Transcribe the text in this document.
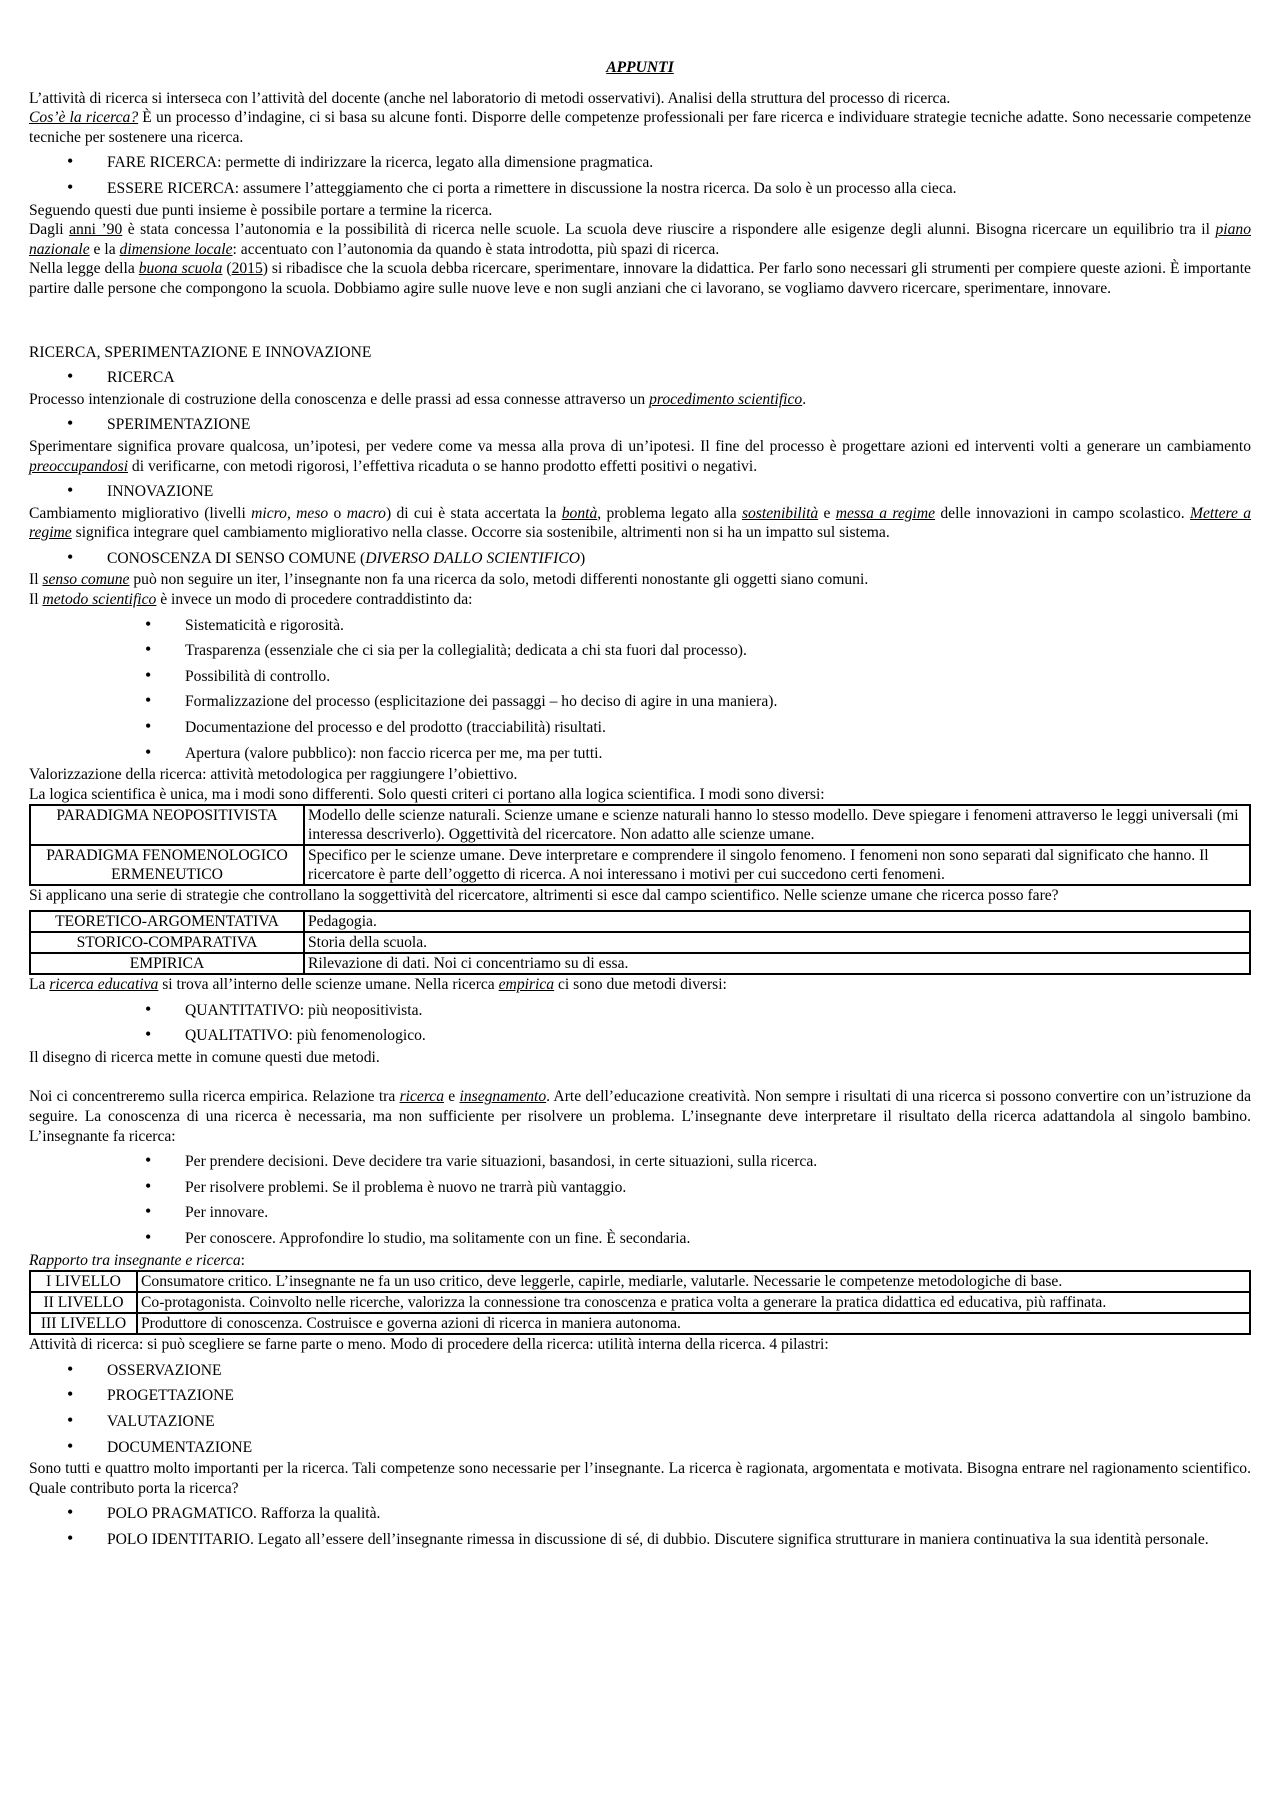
APPUNTI

L’attività di ricerca si interseca con l’attività del docente (anche nel laboratorio di metodi osservativi). Analisi della struttura del processo di ricerca.

Cos’è la ricerca? È un processo d’indagine, ci si basa su alcune fonti. Disporre delle competenze professionali per fare ricerca e individuare strategie tecniche adatte. Sono necessarie competenze tecniche per sostenere una ricerca.

• FARE RICERCA: permette di indirizzare la ricerca, legato alla dimensione pragmatica.
• ESSERE RICERCA: assumere l’atteggiamento che ci porta a rimettere in discussione la nostra ricerca. Da solo è un processo alla cieca.

Seguendo questi due punti insieme è possibile portare a termine la ricerca.

Dagli anni ’90 è stata concessa l’autonomia e la possibilità di ricerca nelle scuole. La scuola deve riuscire a rispondere alle esigenze degli alunni. Bisogna ricercare un equilibrio tra il piano nazionale e la dimensione locale: accentuato con l’autonomia da quando è stata introdotta, più spazi di ricerca.

Nella legge della buona scuola (2015) si ribadisce che la scuola debba ricercare, sperimentare, innovare la didattica. Per farlo sono necessari gli strumenti per compiere queste azioni. È importante partire dalle persone che compongono la scuola. Dobbiamo agire sulle nuove leve e non sugli anziani che ci lavorano, se vogliamo davvero ricercare, sperimentare, innovare.

RICERCA, SPERIMENTAZIONE E INNOVAZIONE

• RICERCA

Processo intenzionale di costruzione della conoscenza e delle prassi ad essa connesse attraverso un procedimento scientifico.

• SPERIMENTAZIONE

Sperimentare significa provare qualcosa, un’ipotesi, per vedere come va messa alla prova di un’ipotesi. Il fine del processo è progettare azioni ed interventi volti a generare un cambiamento preoccupandosi di verificarne, con metodi rigorosi, l’effettiva ricaduta o se hanno prodotto effetti positivi o negativi.

• INNOVAZIONE

Cambiamento migliorativo (livelli micro, meso o macro) di cui è stata accertata la bontà, problema legato alla sostenibilità e messa a regime delle innovazioni in campo scolastico. Mettere a regime significa integrare quel cambiamento migliorativo nella classe. Occorre sia sostenibile, altrimenti non si ha un impatto sul sistema.

• CONOSCENZA DI SENSO COMUNE (DIVERSO DALLO SCIENTIFICO)

Il senso comune può non seguire un iter, l’insegnante non fa una ricerca da solo, metodi differenti nonostante gli oggetti siano comuni.

Il metodo scientifico è invece un modo di procedere contraddistinto da:

• Sistematicità e rigorosità.
• Trasparenza (essenziale che ci sia per la collegialità; dedicata a chi sta fuori dal processo).
• Possibilità di controllo.
• Formalizzazione del processo (esplicitazione dei passaggi – ho deciso di agire in una maniera).
• Documentazione del processo e del prodotto (tracciabilità) risultati.
• Apertura (valore pubblico): non faccio ricerca per me, ma per tutti.

Valorizzazione della ricerca: attività metodologica per raggiungere l’obiettivo.

La logica scientifica è unica, ma i modi sono differenti. Solo questi criteri ci portano alla logica scientifica. I modi sono diversi:

PARADIGMA NEOPOSITIVISTA	Modello delle scienze naturali. Scienze umane e scienze naturali hanno lo stesso modello. Deve spiegare i fenomeni attraverso le leggi universali (mi interessa descriverlo). Oggettività del ricercatore. Non adatto alle scienze umane.
PARADIGMA FENOMENOLOGICO ERMENEUTICO	Specifico per le scienze umane. Deve interpretare e comprendere il singolo fenomeno. I fenomeni non sono separati dal significato che hanno. Il ricercatore è parte dell’oggetto di ricerca. A noi interessano i motivi per cui succedono certi fenomeni.

Si applicano una serie di strategie che controllano la soggettività del ricercatore, altrimenti si esce dal campo scientifico. Nelle scienze umane che ricerca posso fare?

TEORETICO-ARGOMENTATIVA	Pedagogia.
STORICO-COMPARATIVA	Storia della scuola.
EMPIRICA	Rilevazione di dati. Noi ci concentriamo su di essa.

La ricerca educativa si trova all’interno delle scienze umane. Nella ricerca empirica ci sono due metodi diversi:

• QUANTITATIVO: più neopositivista.
• QUALITATIVO: più fenomenologico.

Il disegno di ricerca mette in comune questi due metodi.

Noi ci concentreremo sulla ricerca empirica. Relazione tra ricerca e insegnamento. Arte dell’educazione creatività. Non sempre i risultati di una ricerca si possono convertire con un’istruzione da seguire. La conoscenza di una ricerca è necessaria, ma non sufficiente per risolvere un problema. L’insegnante deve interpretare il risultato della ricerca adattandola al singolo bambino. L’insegnante fa ricerca:

• Per prendere decisioni. Deve decidere tra varie situazioni, basandosi, in certe situazioni, sulla ricerca.
• Per risolvere problemi. Se il problema è nuovo ne trarrà più vantaggio.
• Per innovare.
• Per conoscere. Approfondire lo studio, ma solitamente con un fine. È secondaria.

Rapporto tra insegnante e ricerca:

I LIVELLO	Consumatore critico. L’insegnante ne fa un uso critico, deve leggerle, capirle, mediarle, valutarle. Necessarie le competenze metodologiche di base.
II LIVELLO	Co-protagonista. Coinvolto nelle ricerche, valorizza la connessione tra conoscenza e pratica volta a generare la pratica didattica ed educativa, più raffinata.
III LIVELLO	Produttore di conoscenza. Costruisce e governa azioni di ricerca in maniera autonoma.

Attività di ricerca: si può scegliere se farne parte o meno. Modo di procedere della ricerca: utilità interna della ricerca. 4 pilastri:

• OSSERVAZIONE
• PROGETTAZIONE
• VALUTAZIONE
• DOCUMENTAZIONE

Sono tutti e quattro molto importanti per la ricerca. Tali competenze sono necessarie per l’insegnante. La ricerca è ragionata, argomentata e motivata. Bisogna entrare nel ragionamento scientifico. Quale contributo porta la ricerca?

• POLO PRAGMATICO. Rafforza la qualità.
• POLO IDENTITARIO. Legato all’essere dell’insegnante rimessa in discussione di sé, di dubbio. Discutere significa strutturare in maniera continuativa la sua identità personale.
